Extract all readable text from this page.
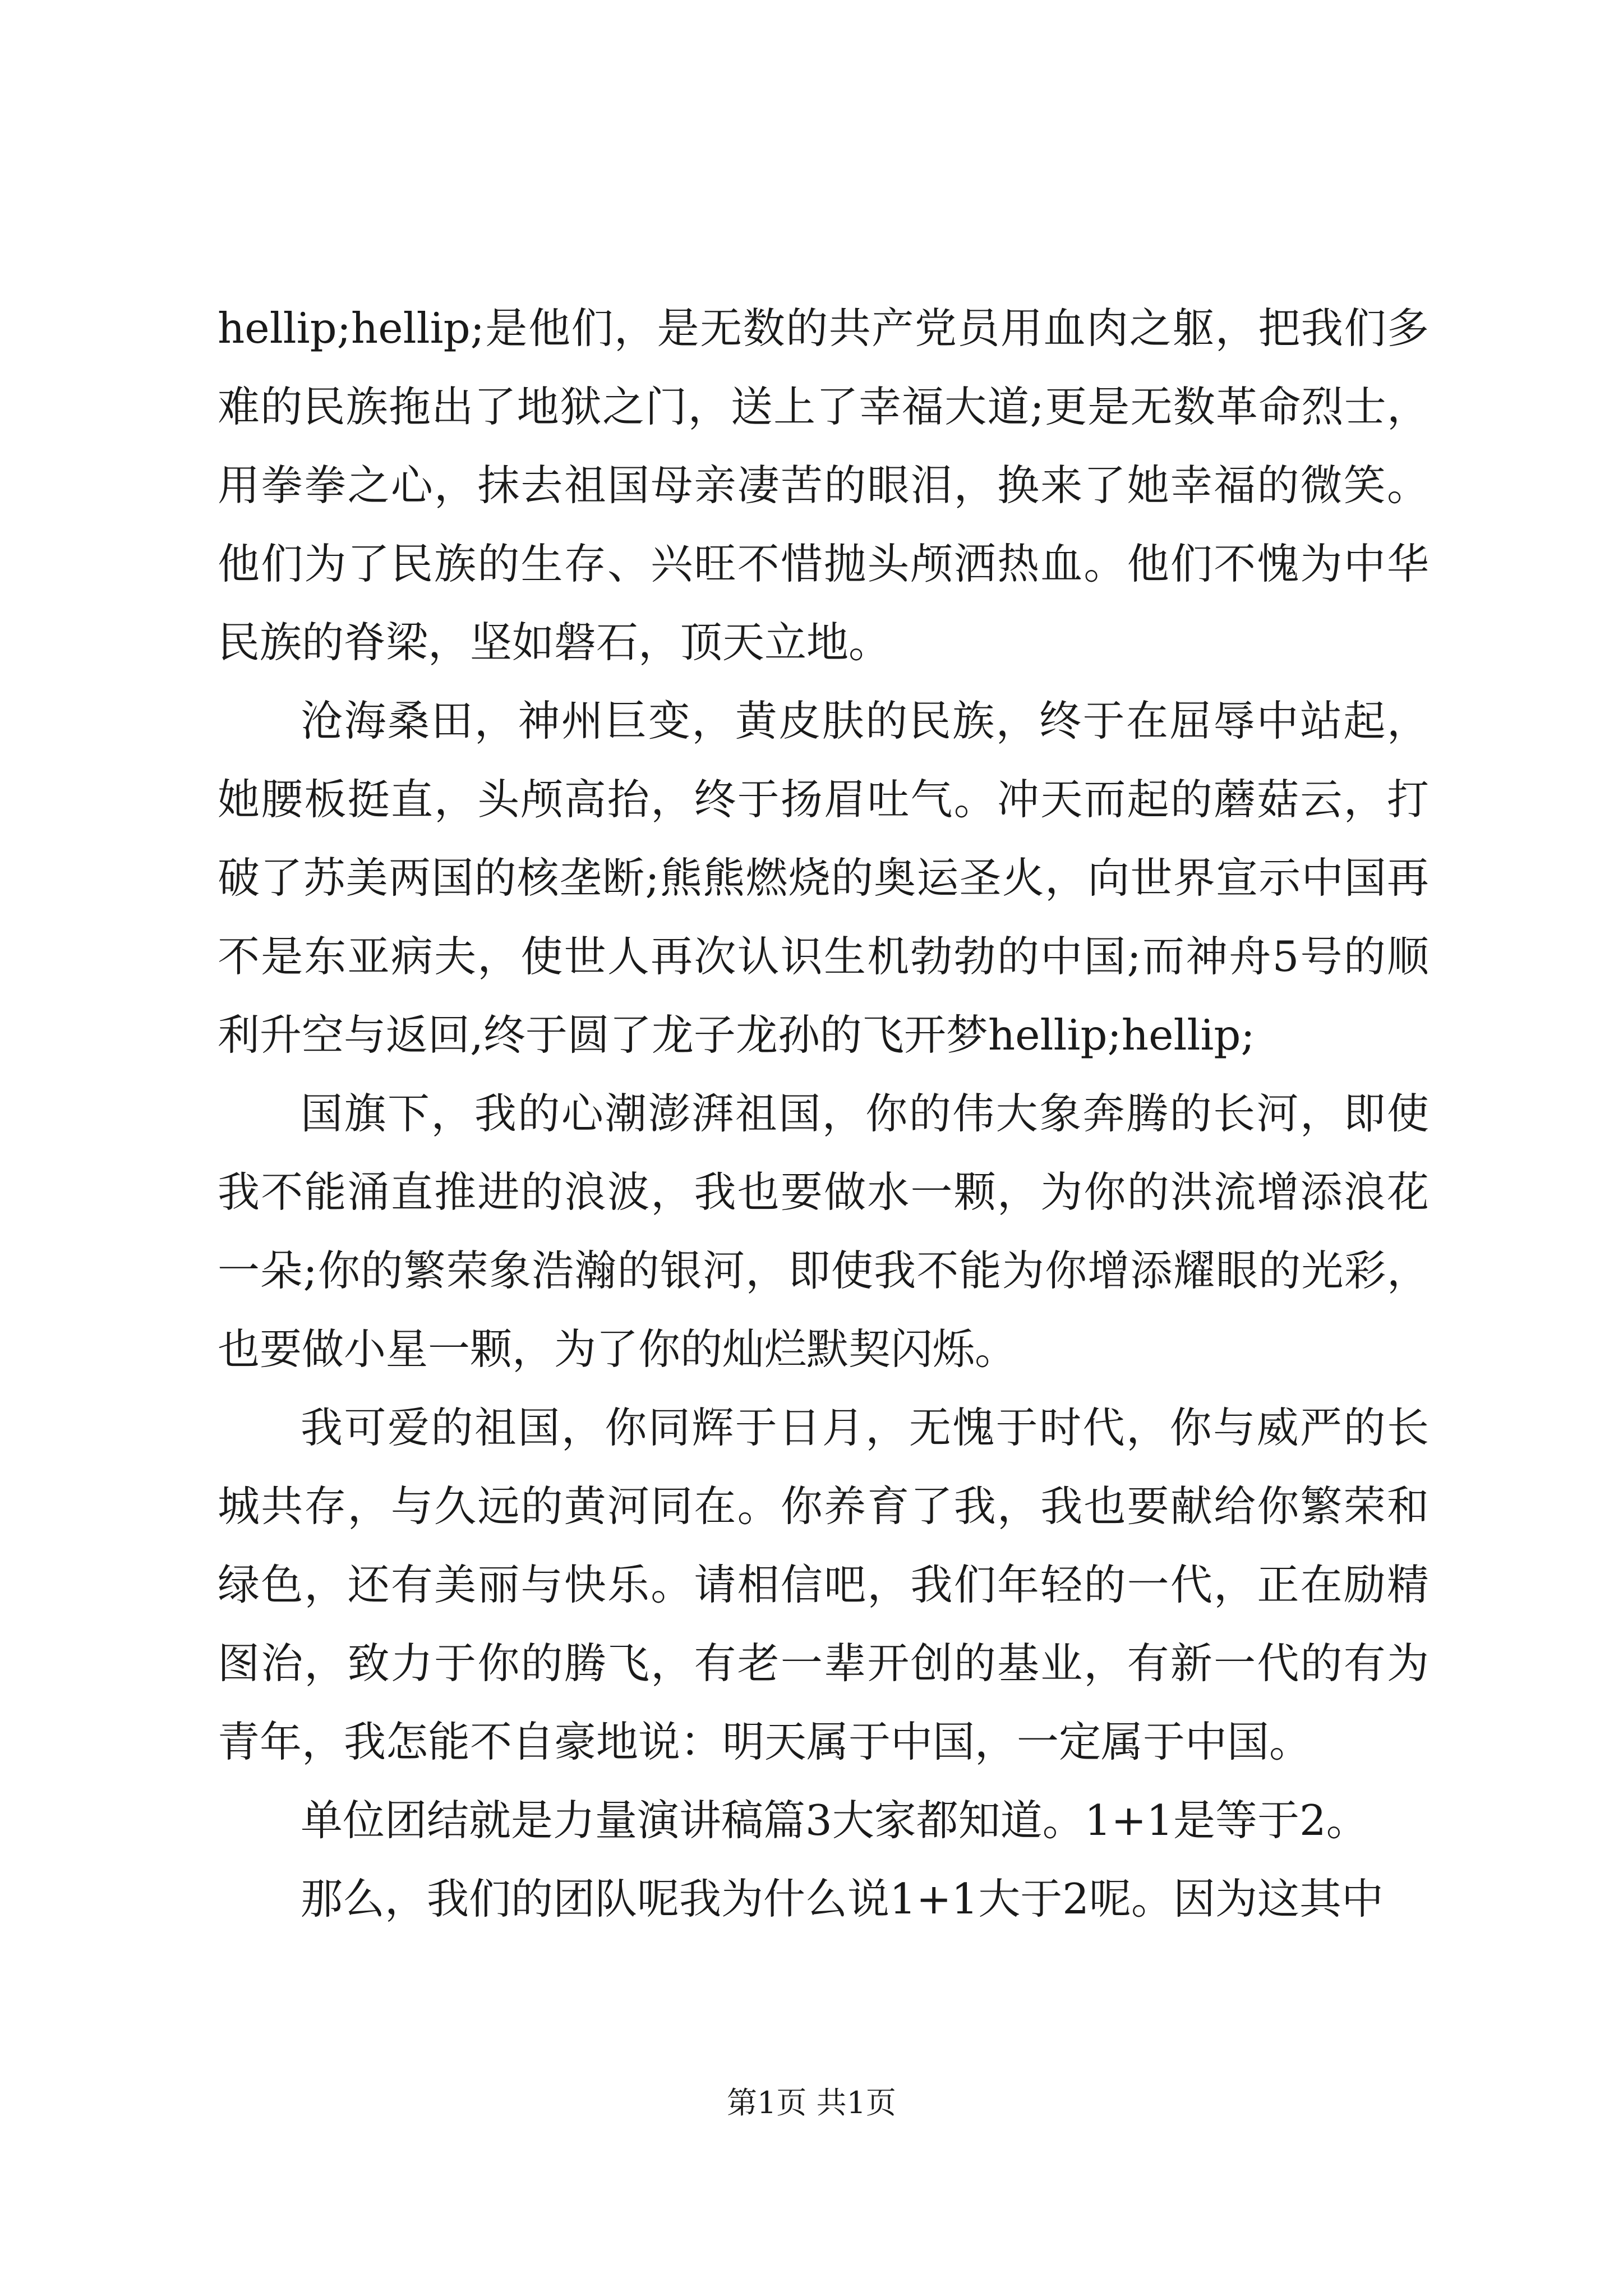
hellip;hellip;是他们，是无数的共产党员用血肉之躯，把我们多难的民族拖出了地狱之门，送上了幸福大道;更是无数革命烈士，用拳拳之心，抹去祖国母亲凄苦的眼泪，换来了她幸福的微笑。他们为了民族的生存、兴旺不惜抛头颅洒热血。他们不愧为中华民族的脊梁，坚如磐石，顶天立地。

沧海桑田，神州巨变，黄皮肤的民族，终于在屈辱中站起，她腰板挺直，头颅高抬，终于扬眉吐气。冲天而起的蘑菇云，打破了苏美两国的核垄断;熊熊燃烧的奥运圣火，向世界宣示中国再不是东亚病夫，使世人再次认识生机勃勃的中国;而神舟5号的顺利升空与返回,终于圆了龙子龙孙的飞开梦hellip;hellip;

国旗下，我的心潮澎湃祖国，你的伟大象奔腾的长河，即使我不能涌直推进的浪波，我也要做水一颗，为你的洪流增添浪花一朵;你的繁荣象浩瀚的银河，即使我不能为你增添耀眼的光彩，也要做小星一颗，为了你的灿烂默契闪烁。

我可爱的祖国，你同辉于日月，无愧于时代，你与威严的长城共存，与久远的黄河同在。你养育了我，我也要献给你繁荣和绿色，还有美丽与快乐。请相信吧，我们年轻的一代，正在励精图治，致力于你的腾飞，有老一辈开创的基业，有新一代的有为青年，我怎能不自豪地说：明天属于中国，一定属于中国。

单位团结就是力量演讲稿篇3大家都知道。1+1是等于2。

那么，我们的团队呢我为什么说1+1大于2呢。因为这其中

第1页 共1页
